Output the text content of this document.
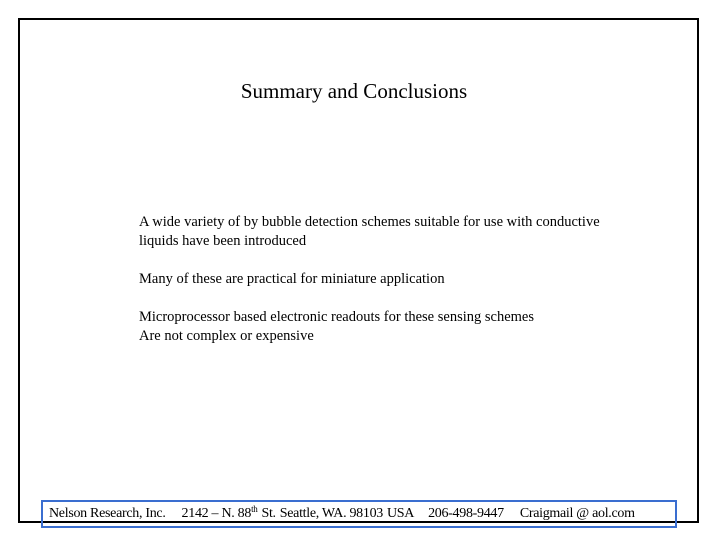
Summary and Conclusions
A wide variety of by bubble detection schemes suitable for use with conductive
liquids have been introduced
Many of these are practical for miniature application
Microprocessor based electronic readouts for these sensing schemes
Are not complex or expensive
Nelson Research, Inc. 2142 – N. 88th St. Seattle, WA. 98103 USA 206-498-9447 Craigmail @ aol.com
